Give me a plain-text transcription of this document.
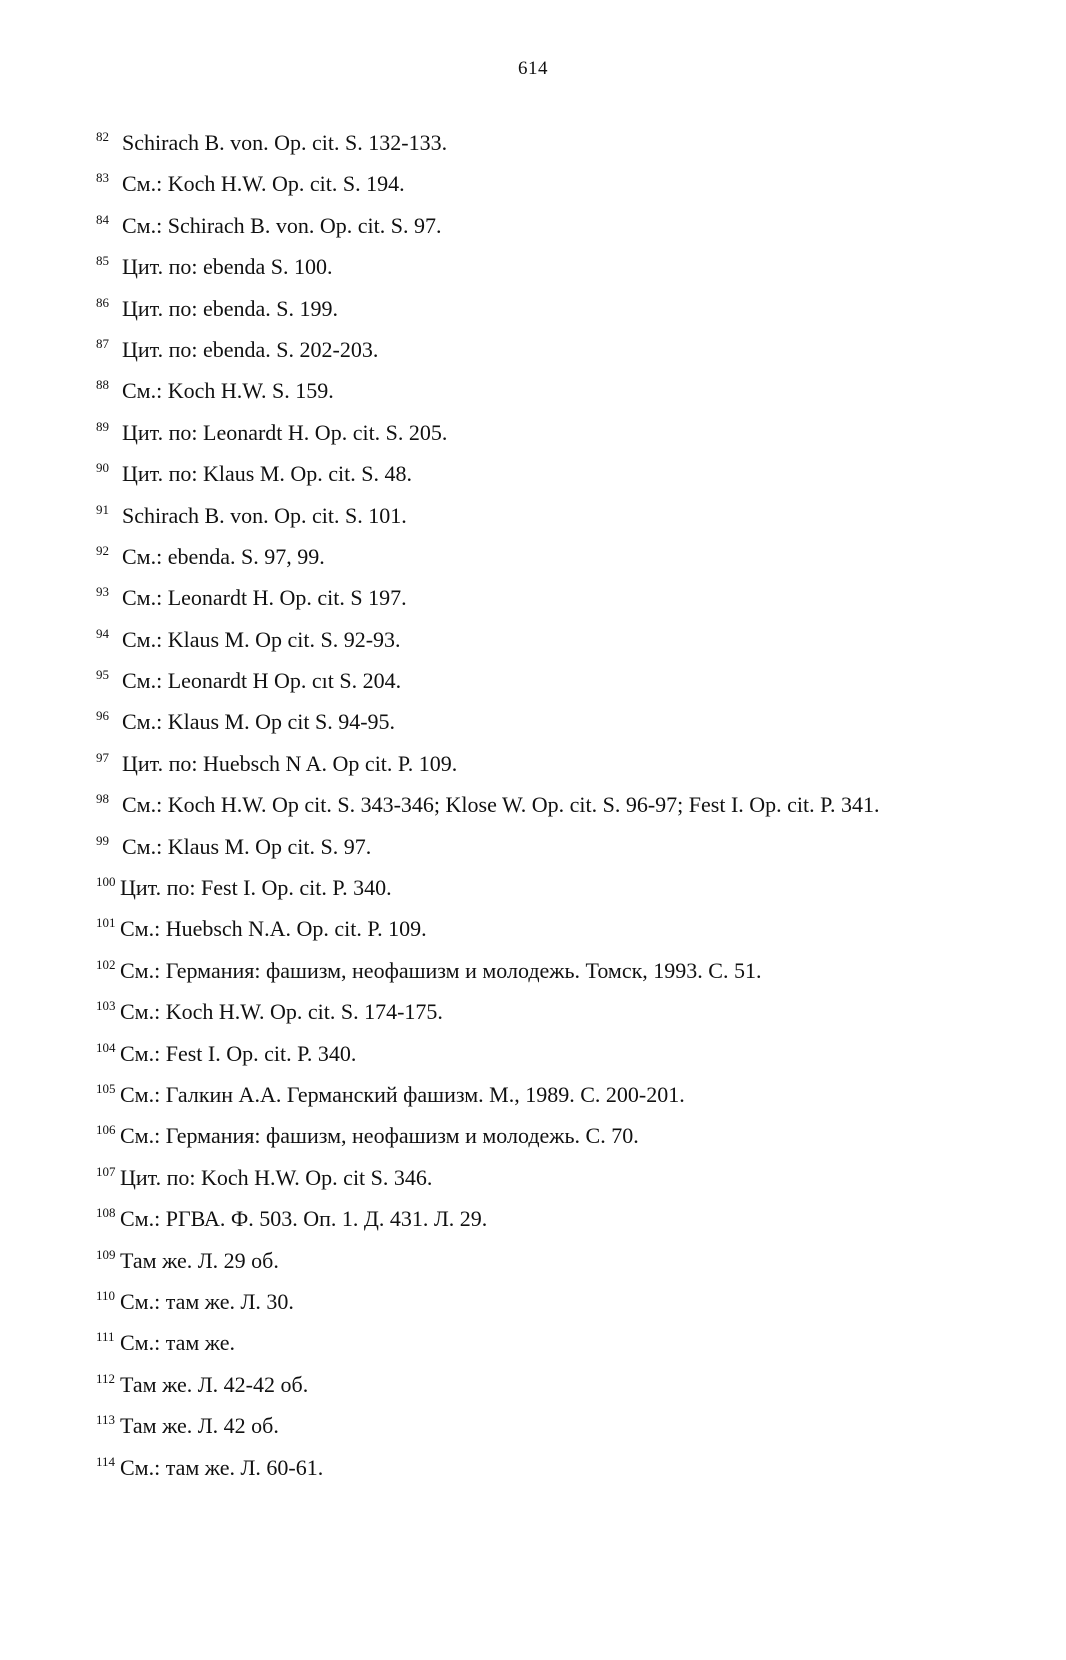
614
82 Schirach B. von. Op. cit. S. 132-133.
83 См.: Koch H.W. Op. cit. S. 194.
84 См.: Schirach B. von. Op. cit. S. 97.
85 Цит. по: ebenda S. 100.
86 Цит. по: ebenda. S. 199.
87 Цит. по: ebenda. S. 202-203.
88 См.: Koch H.W. S. 159.
89 Цит. по: Leonardt H. Op. cit. S. 205.
90 Цит. по: Klaus M. Op. cit. S. 48.
91 Schirach B. von. Op. cit. S. 101.
92 См.: ebenda. S. 97, 99.
93 См.: Leonardt H. Op. cit. S 197.
94 См.: Klaus M. Op cit. S. 92-93.
95 См.: Leonardt H Op. cıt S. 204.
96 См.: Klaus M. Op cit S. 94-95.
97 Цит. по: Huebsch N A. Op cit. P. 109.
98 См.: Koch H.W. Op cit. S. 343-346; Klose W. Op. cit. S. 96-97; Fest I. Op. cit. P. 341.
99 См.: Klaus M. Op cit. S. 97.
100 Цит. по: Fest I. Op. cit. P. 340.
101 См.: Huebsch N.A. Op. cit. P. 109.
102 См.: Германия: фашизм, неофашизм и молодежь. Томск, 1993. С. 51.
103 См.: Koch H.W. Op. cit. S. 174-175.
104 См.: Fest I. Op. cit. P. 340.
105 См.: Галкин А.А. Германский фашизм. М., 1989. С. 200-201.
106 См.: Германия: фашизм, неофашизм и молодежь. С. 70.
107 Цит. по: Koch H.W. Op. cit S. 346.
108 См.: РГВА. Ф. 503. Оп. 1. Д. 431. Л. 29.
109 Там же. Л. 29 об.
110 См.: там же. Л. 30.
111 См.: там же.
112 Там же. Л. 42-42 об.
113 Там же. Л. 42 об.
114 См.: там же. Л. 60-61.
